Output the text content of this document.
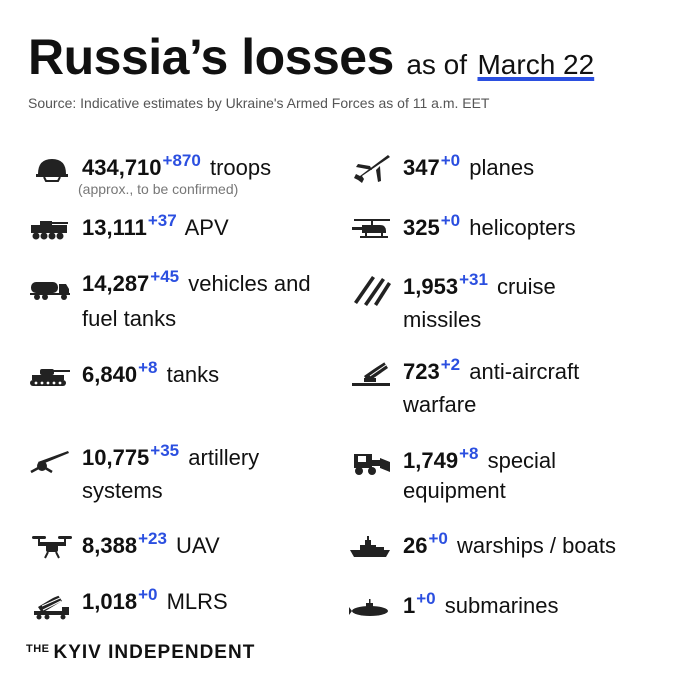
Russia’s losses as of March 22
Source: Indicative estimates by Ukraine's Armed Forces as of 11 a.m. EET
$434,710^{+870}$ troops
(approx., to be confirmed)
$13,111^{+37}$ APV
$14,287^{+45}$ vehicles and
fuel tanks
$6,840^{+8}$ tanks
$10,775^{+35}$ artillery
systems
$8,388^{+23}$ UAV
$1,018^{+0}$ MLRS
$347^{+0}$ planes
$325^{+0}$ helicopters
$1,953^{+31}$ cruise
missiles
$723^{+2}$ anti-aircraft
warfare
$1,749^{+8}$ special
equipment
$26^{+0}$ warships / boats
$1^{+0}$ submarines
$^{THE}$ KYIV INDEPENDENT
